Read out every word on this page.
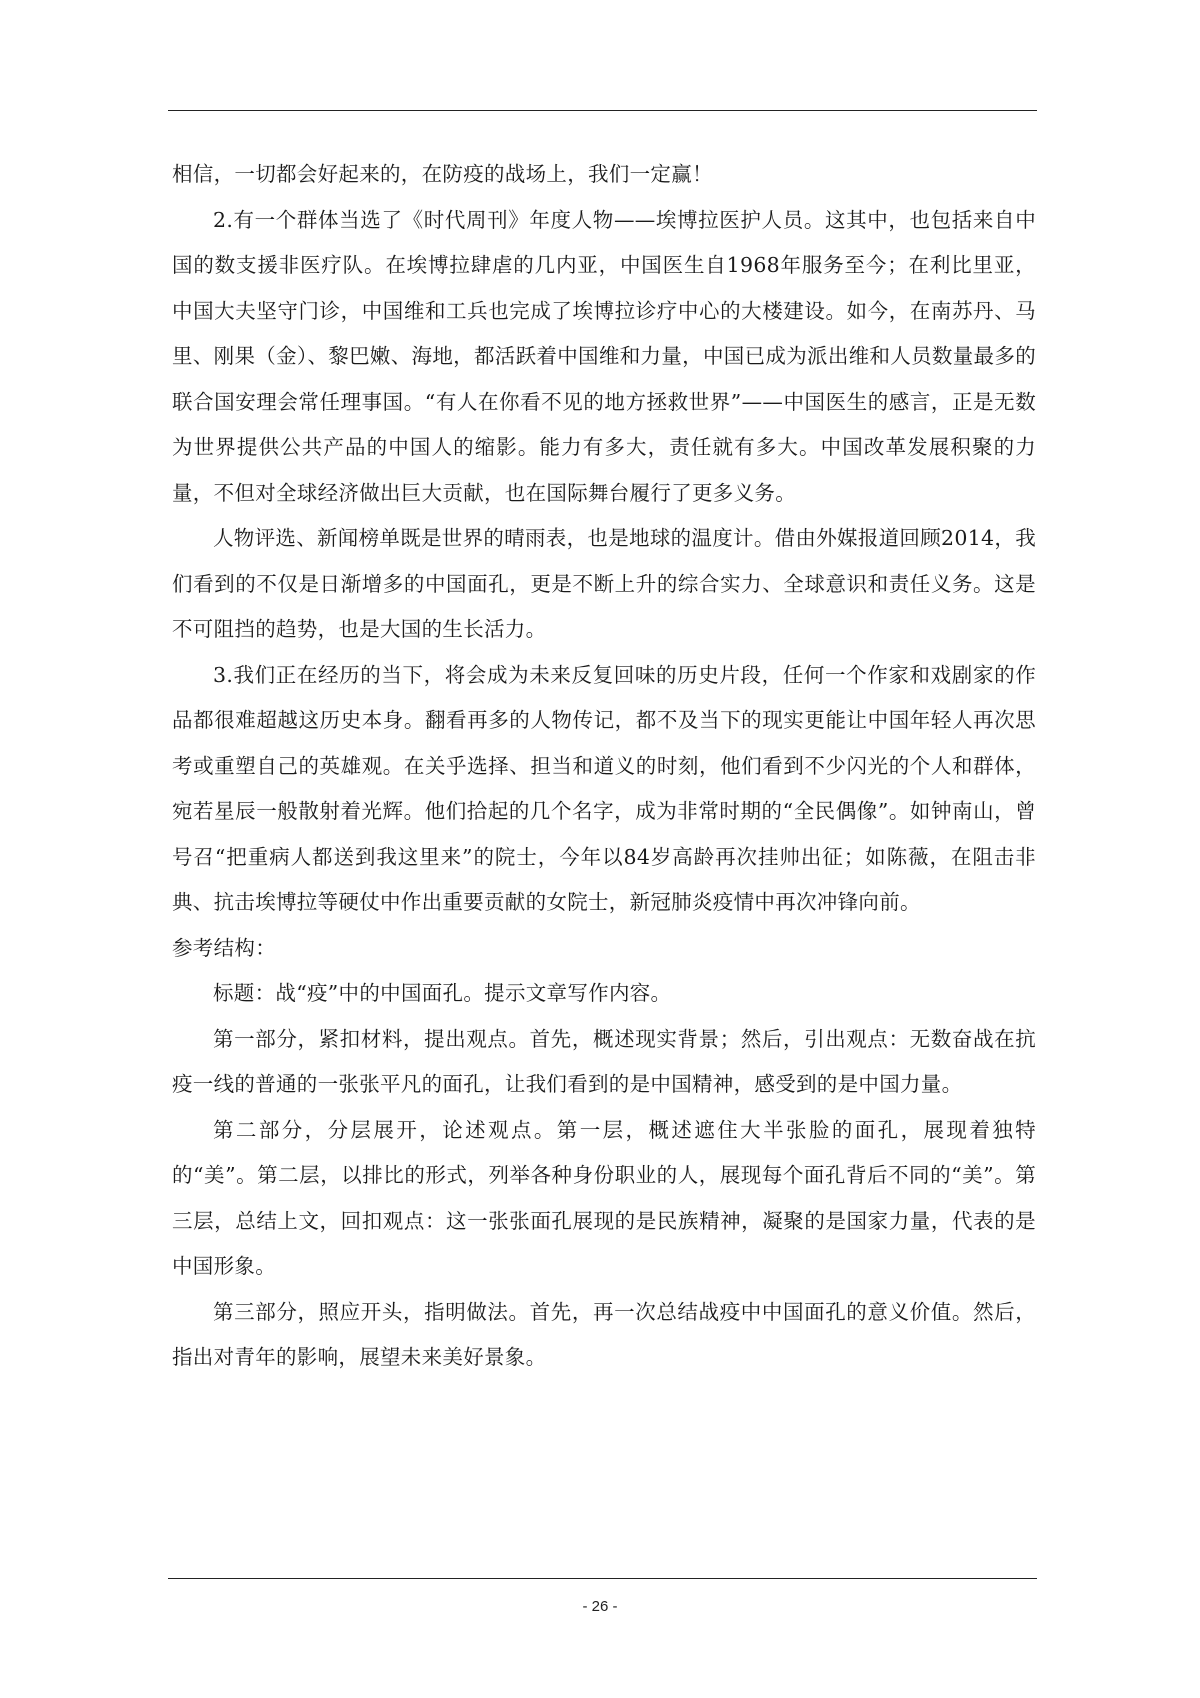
相信，一切都会好起来的，在防疫的战场上，我们一定赢！

2.有一个群体当选了《时代周刊》年度人物——埃博拉医护人员。这其中，也包括来自中国的数支援非医疗队。在埃博拉肆虐的几内亚，中国医生自1968年服务至今；在利比里亚，中国大夫坚守门诊，中国维和工兵也完成了埃博拉诊疗中心的大楼建设。如今，在南苏丹、马里、刚果（金）、黎巴嫩、海地，都活跃着中国维和力量，中国已成为派出维和人员数量最多的联合国安理会常任理事国。“有人在你看不见的地方拯救世界”——中国医生的感言，正是无数为世界提供公共产品的中国人的缩影。能力有多大，责任就有多大。中国改革发展积聚的力量，不但对全球经济做出巨大贡献，也在国际舞台履行了更多义务。

人物评选、新闻榜单既是世界的晴雨表，也是地球的温度计。借由外媒报道回顾2014，我们看到的不仅是日渐增多的中国面孔，更是不断上升的综合实力、全球意识和责任义务。这是不可阻挡的趋势，也是大国的生长活力。

3.我们正在经历的当下，将会成为未来反复回味的历史片段，任何一个作家和戏剧家的作品都很难超越这历史本身。翻看再多的人物传记，都不及当下的现实更能让中国年轻人再次思考或重塑自己的英雄观。在关乎选择、担当和道义的时刻，他们看到不少闪光的个人和群体，宛若星辰一般散射着光辉。他们拾起的几个名字，成为非常时期的“全民偶像”。如钟南山，曾号召“把重病人都送到我这里来”的院士，今年以84岁高龄再次挂帅出征；如陈薇，在阻击非典、抗击埃博拉等硬仗中作出重要贡献的女院士，新冠肺炎疫情中再次冲锋向前。

参考结构：

标题：战“疫”中的中国面孔。提示文章写作内容。

第一部分，紧扣材料，提出观点。首先，概述现实背景；然后，引出观点：无数奋战在抗疫一线的普通的一张张平凡的面孔，让我们看到的是中国精神，感受到的是中国力量。

第二部分，分层展开，论述观点。第一层，概述遮住大半张脸的面孔，展现着独特的“美”。第二层，以排比的形式，列举各种身份职业的人，展现每个面孔背后不同的“美”。第三层，总结上文，回扣观点：这一张张面孔展现的是民族精神，凝聚的是国家力量，代表的是中国形象。

第三部分，照应开头，指明做法。首先，再一次总结战疫中中国面孔的意义价值。然后，指出对青年的影响，展望未来美好景象。

- 26 -
